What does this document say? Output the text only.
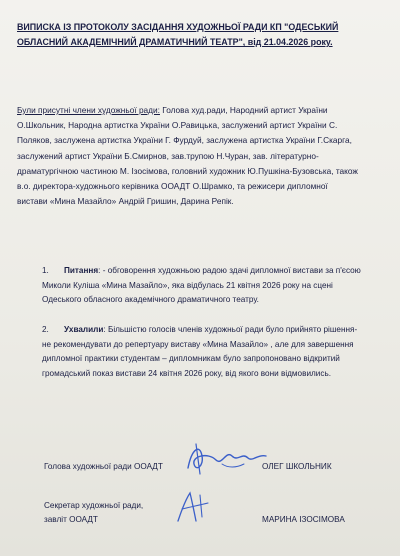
ВИПИСКА ІЗ ПРОТОКОЛУ ЗАСІДАННЯ ХУДОЖНЬОЇ РАДИ КП "ОДЕСЬКИЙ ОБЛАСНИЙ АКАДЕМІЧНИЙ ДРАМАТИЧНИЙ ТЕАТР", від 21.04.2026 року.
Були присутні члени художньої ради: Голова худ.ради, Народний артист України О.Школьник, Народна артистка України О.Равицька, заслужений артист України С. Поляков, заслужена артистка України Г. Фурдуй, заслужена артистка України Г.Скарга, заслужений артист України Б.Смирнов, зав.трупою Н.Чуран, зав. літературно-драматургічною частиною М. Ізосімова, головний художник Ю.Пушкіна-Бузовська, також в.о. директора-художнього керівника ООАДТ О.Шрамко, та режисери дипломної вистави «Мина Мазайло» Андрій Гришин, Дарина Репік.
1. Питання: - обговорення художньою радою здачі дипломної вистави за п'єсою Миколи Куліша «Мина Мазайло», яка відбулась 21 квітня 2026 року на сцені Одеського обласного академічного драматичного театру.
2. Ухвалили: Більшістю голосів членів художньої ради було прийнято рішення- не рекомендувати до репертуару виставу «Мина Мазайло» , але для завершення дипломної практики студентам – дипломникам було запропоновано відкритий громадський показ вистави 24 квітня 2026 року, від якого вони відмовились.
Голова художньої ради ООАДТ	ОЛЕГ ШКОЛЬНИК
Секретар художньої ради,
завліт ООАДТ	МАРИНА ІЗОСІМОВА
